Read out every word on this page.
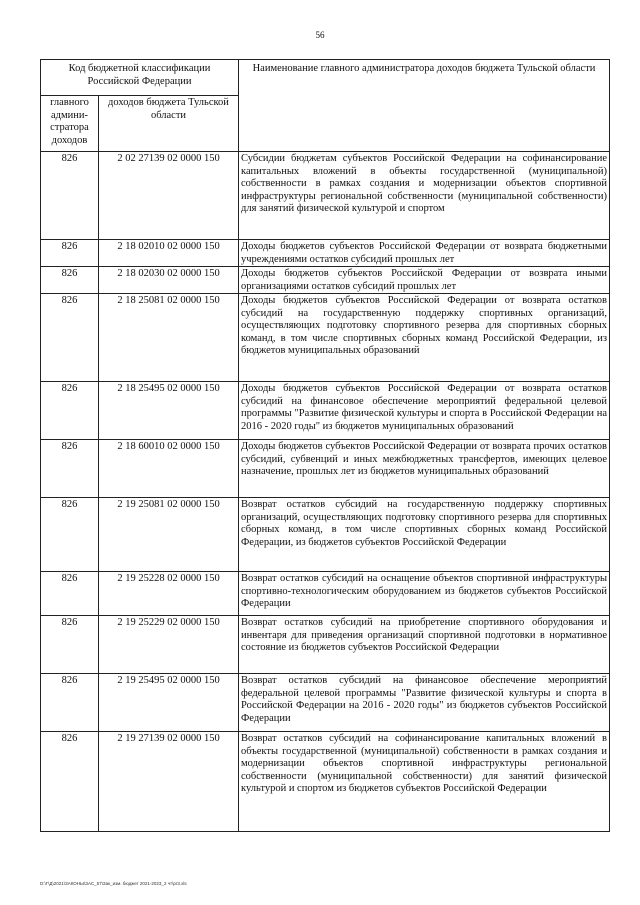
56
Код бюджетной классификации Российской Федерации		Наименование главного администратора доходов бюджета Тульской области
главного админи-стратора доходов	доходов бюджета Тульской области	
826	2 02 27139 02 0000 150	Субсидии бюджетам субъектов Российской Федерации на софинансирование капитальных вложений в объекты государственной (муниципальной) собственности в рамках создания и модернизации объектов спортивной инфраструктуры региональной собственности (муниципальной собственности) для занятий физической культурой и спортом
826	2 18 02010 02 0000 150	Доходы бюджетов субъектов Российской Федерации от возврата бюджетными учреждениями остатков субсидий прошлых лет
826	2 18 02030 02 0000 150	Доходы бюджетов субъектов Российской Федерации от возврата иными организациями остатков субсидий прошлых лет
826	2 18 25081 02 0000 150	Доходы бюджетов субъектов Российской Федерации от возврата остатков субсидий на государственную поддержку спортивных организаций, осуществляющих подготовку спортивного резерва для спортивных сборных команд, в том числе спортивных сборных команд Российской Федерации, из бюджетов муниципальных образований
826	2 18 25495 02 0000 150	Доходы бюджетов субъектов Российской Федерации от возврата остатков субсидий на финансовое обеспечение мероприятий федеральной целевой программы "Развитие физической культуры и спорта в Российской Федерации на 2016 - 2020 годы" из бюджетов муниципальных образований
826	2 18 60010 02 0000 150	Доходы бюджетов субъектов Российской Федерации от возврата прочих остатков субсидий, субвенций и иных межбюджетных трансфертов, имеющих целевое назначение, прошлых лет из бюджетов муниципальных образований
826	2 19 25081 02 0000 150	Возврат остатков субсидий на государственную поддержку спортивных организаций, осуществляющих подготовку спортивного резерва для спортивных сборных команд, в том числе спортивных сборных команд Российской Федерации, из бюджетов субъектов Российской Федерации
826	2 19 25228 02 0000 150	Возврат остатков субсидий на оснащение объектов спортивной инфраструктуры спортивно-технологическим оборудованием из бюджетов субъектов Российской Федерации
826	2 19 25229 02 0000 150	Возврат остатков субсидий на приобретение спортивного оборудования и инвентаря для приведения организаций спортивной подготовки в нормативное состояние из бюджетов субъектов Российской Федерации
826	2 19 25495 02 0000 150	Возврат остатков субсидий на финансовое обеспечение мероприятий федеральной целевой программы "Развитие физической культуры и спорта в Российской Федерации на 2016 - 2020 годы" из бюджетов субъектов Российской Федерации
826	2 19 27139 02 0000 150	Возврат остатков субсидий на софинансирование капитальных вложений в объекты государственной (муниципальной) собственности в рамках создания и модернизации объектов спортивной инфраструктуры региональной собственности (муниципальной собственности) для занятий физической культурой и спортом из бюджетов субъектов Российской Федерации
D:\Г\Д\2021\ЗАКОНЫ\ЗАС_57\Зак_изм. бюджет 2021-2023_2 чт\pr3.xls
